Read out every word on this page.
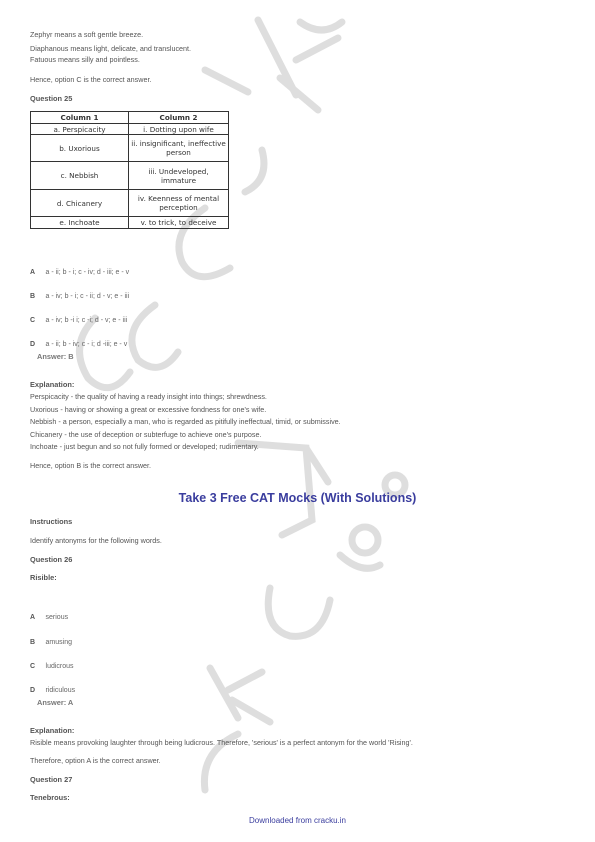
Zephyr means a soft gentle breeze.
Diaphanous means light, delicate, and translucent.
Fatuous means silly and pointless.
Hence, option C is the correct answer.
Question 25
Column 1	Column 2
a. Perspicacity	i. Dotting upon wife
b. Uxorious	ii. insignificant, ineffective person
c. Nebbish	iii. Undeveloped, immature
d. Chicanery	iv. Keenness of mental perception
e. Inchoate	v. to trick, to deceive
A a - ii; b - i; c - iv; d - iii; e - v
B a - iv; b - i; c - ii; d - v; e - iii
C a - iv; b -i i; c -i; d - v; e - iii
D a - ii; b - iv; c - i; d -iii; e - v
Answer: B
Explanation:
Perspicacity - the quality of having a ready insight into things; shrewdness.
Uxorious - having or showing a great or excessive fondness for one's wife.
Nebbish - a person, especially a man, who is regarded as pitifully ineffectual, timid, or submissive.
Chicanery - the use of deception or subterfuge to achieve one's purpose.
Inchoate - just begun and so not fully formed or developed; rudimentary.
Hence, option B is the correct answer.
Take 3 Free CAT Mocks (With Solutions)
Instructions
Identify antonyms for the following words.
Question 26
Risible:
A serious
B amusing
C ludicrous
D ridiculous
Answer: A
Explanation:
Risible means provoking laughter through being ludicrous. Therefore, 'serious' is a perfect antonym for the world 'Rising'.
Therefore, option A is the correct answer.
Question 27
Tenebrous:
Downloaded from cracku.in
